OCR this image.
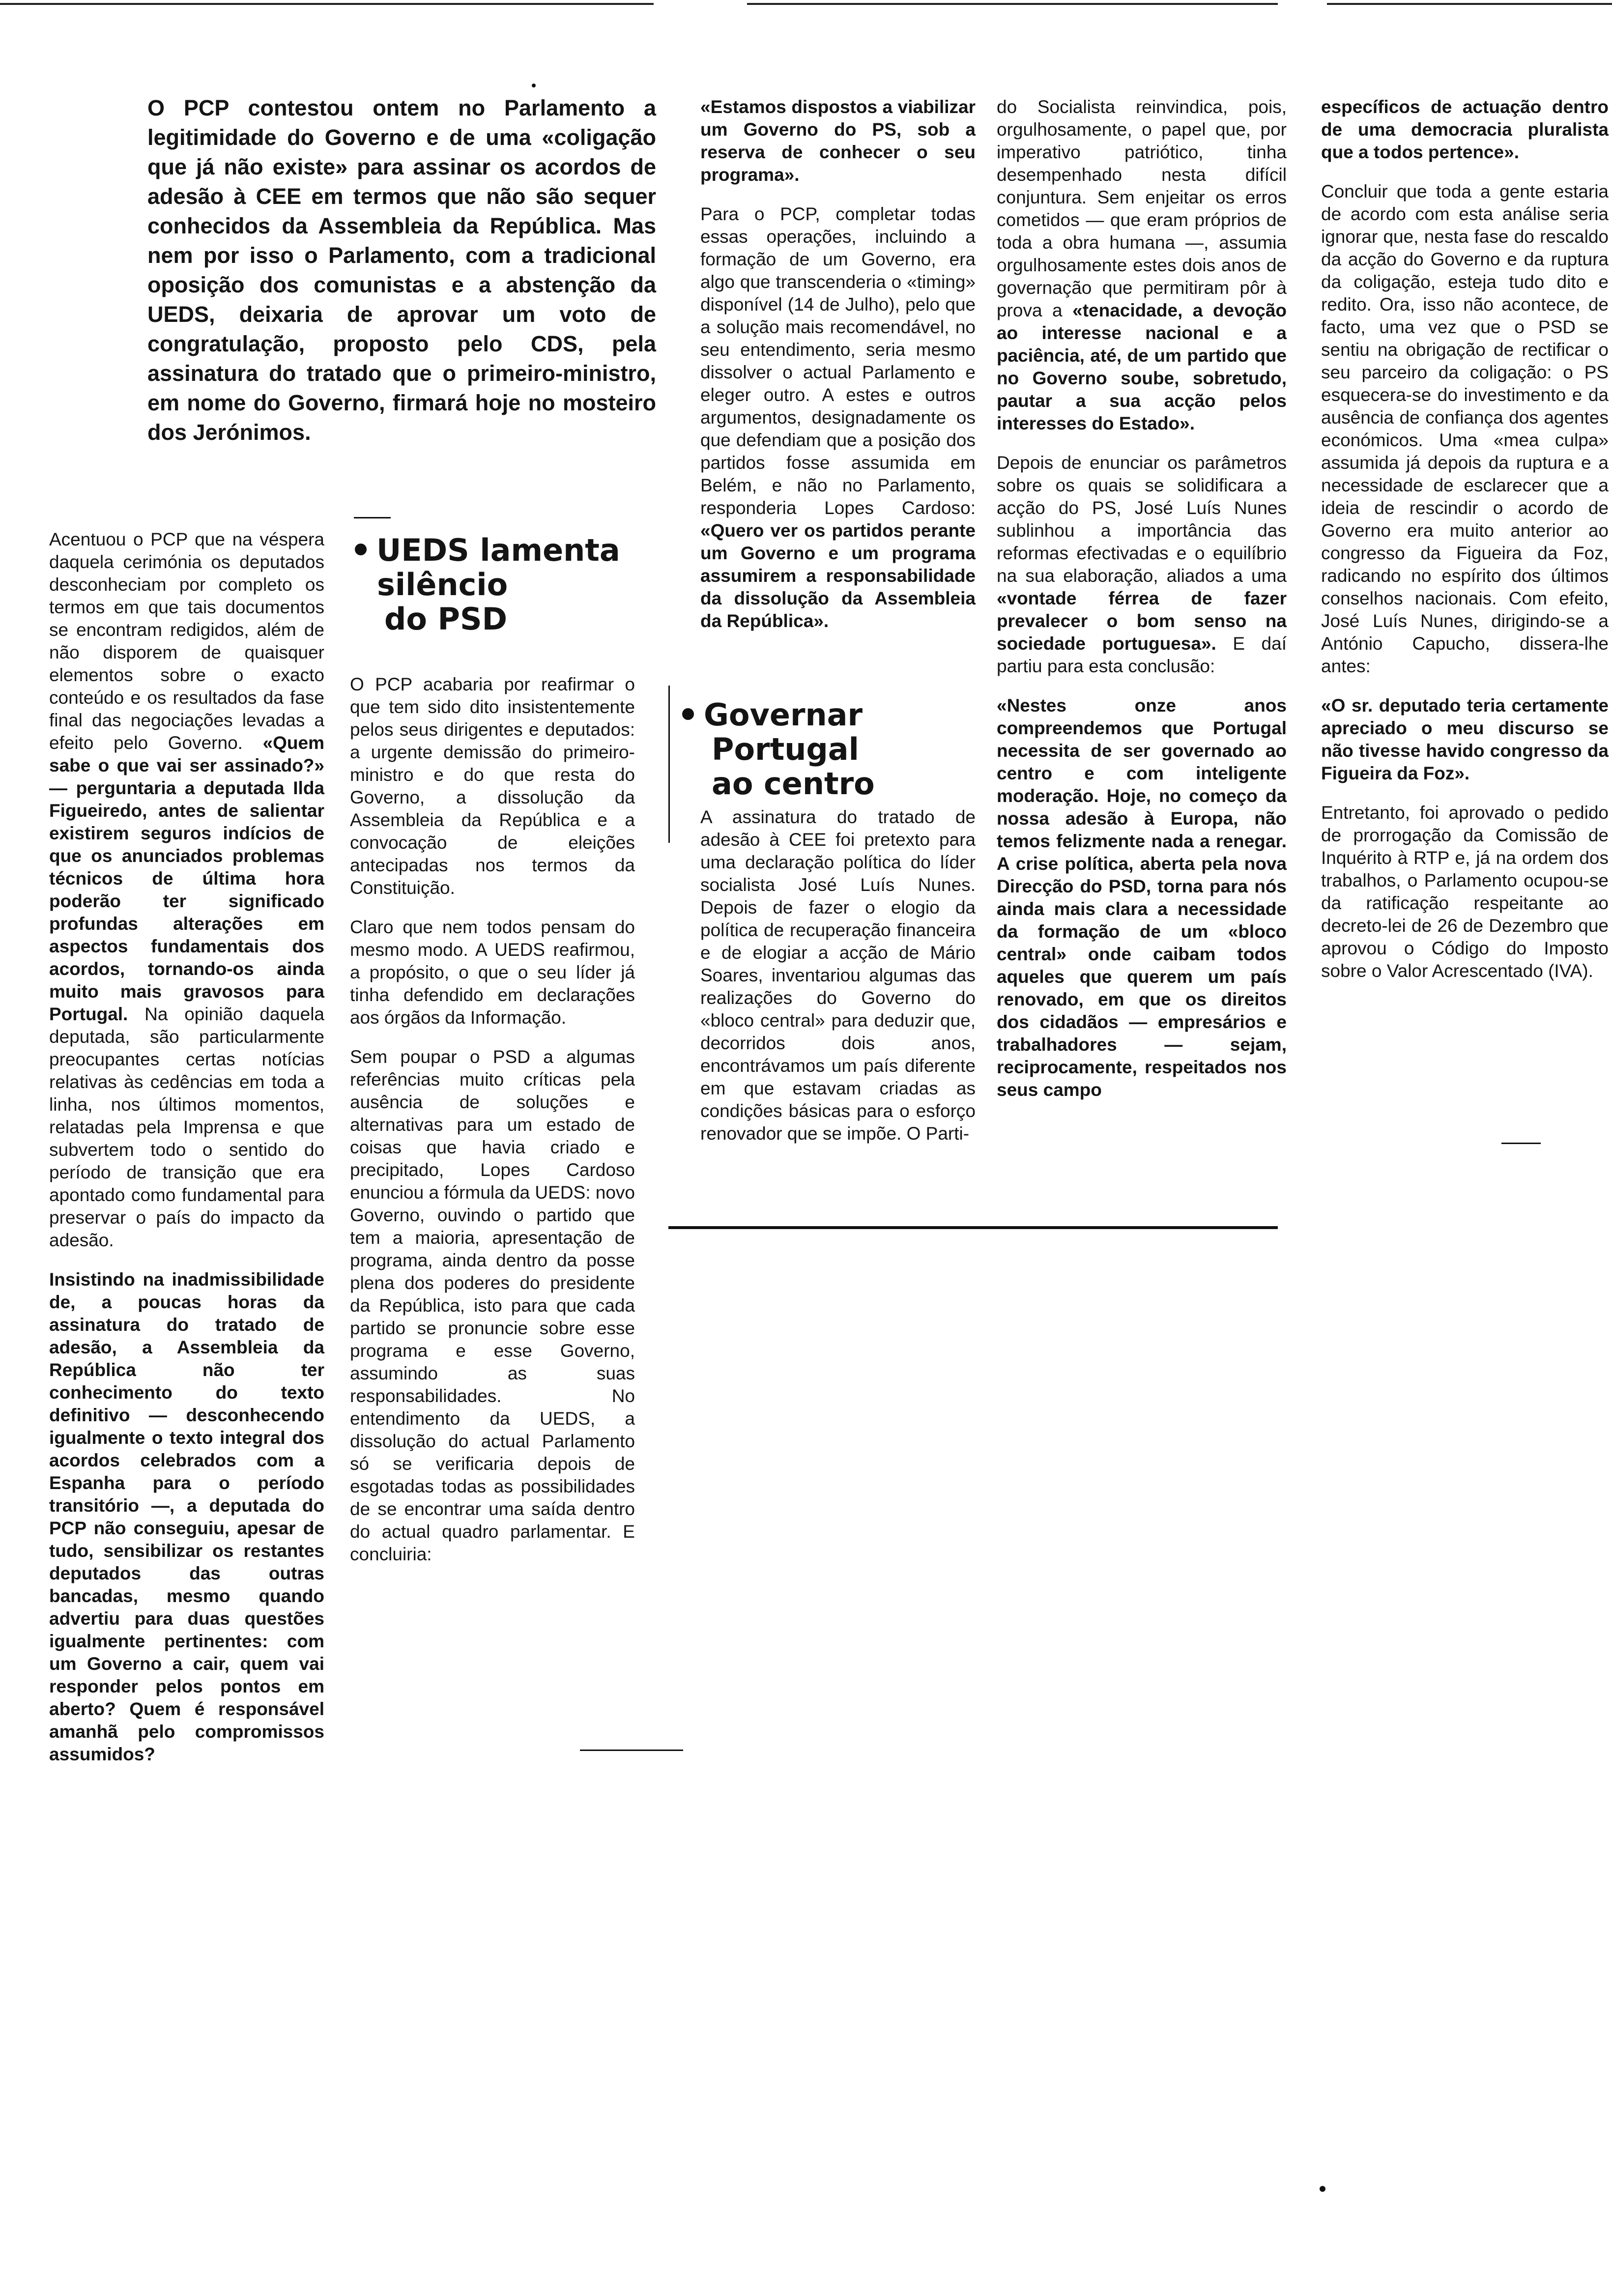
O PCP contestou ontem no Parlamento a legitimidade do Governo e de uma «coligação que já não existe» para assinar os acordos de adesão à CEE em termos que não são sequer conhecidos da Assembleia da República. Mas nem por isso o Parlamento, com a tradicional oposição dos comunistas e a abstenção da UEDS, deixaria de aprovar um voto de congratulação, proposto pelo CDS, pela assinatura do tratado que o primeiro-ministro, em nome do Governo, firmará hoje no mosteiro dos Jerónimos.

Acentuou o PCP que na véspera daquela cerimónia os deputados desconheciam por completo os termos em que tais documentos se encontram redigidos, além de não disporem de quaisquer elementos sobre o exacto conteúdo e os resultados da fase final das negociações levadas a efeito pelo Governo. «Quem sabe o que vai ser assinado?» — perguntaria a deputada Ilda Figueiredo, antes de salientar existirem seguros indícios de que os anunciados problemas técnicos de última hora poderão ter significado profundas alterações em aspectos fundamentais dos acordos, tornando-os ainda muito mais gravosos para Portugal. Na opinião daquela deputada, são particularmente preocupantes certas notícias relativas às cedências em toda a linha, nos últimos momentos, relatadas pela Imprensa e que subvertem todo o sentido do período de transição que era apontado como fundamental para preservar o país do impacto da adesão.

Insistindo na inadmissibilidade de, a poucas horas da assinatura do tratado de adesão, a Assembleia da República não ter conhecimento do texto definitivo — desconhecendo igualmente o texto integral dos acordos celebrados com a Espanha para o período transitório —, a deputada do PCP não conseguiu, apesar de tudo, sensibilizar os restantes deputados das outras bancadas, mesmo quando advertiu para duas questões igualmente pertinentes: com um Governo a cair, quem vai responder pelos pontos em aberto? Quem é responsável amanhã pelo compromissos assumidos?

UEDS lamenta
silêncio
do PSD

O PCP acabaria por reafirmar o que tem sido dito insistentemente pelos seus dirigentes e deputados: a urgente demissão do primeiro-ministro e do que resta do Governo, a dissolução da Assembleia da República e a convocação de eleições antecipadas nos termos da Constituição.

Claro que nem todos pensam do mesmo modo. A UEDS reafirmou, a propósito, o que o seu líder já tinha defendido em declarações aos órgãos da Informação.

Sem poupar o PSD a algumas referências muito críticas pela ausência de soluções e alternativas para um estado de coisas que havia criado e precipitado, Lopes Cardoso enunciou a fórmula da UEDS: novo Governo, ouvindo o partido que tem a maioria, apresentação de programa, ainda dentro da posse plena dos poderes do presidente da República, isto para que cada partido se pronuncie sobre esse programa e esse Governo, assumindo as suas responsabilidades. No entendimento da UEDS, a dissolução do actual Parlamento só se verificaria depois de esgotadas todas as possibilidades de se encontrar uma saída dentro do actual quadro parlamentar. E concluiria:

«Estamos dispostos a viabilizar um Governo do PS, sob a reserva de conhecer o seu programa».

Para o PCP, completar todas essas operações, incluindo a formação de um Governo, era algo que transcenderia o «timing» disponível (14 de Julho), pelo que a solução mais recomendável, no seu entendimento, seria mesmo dissolver o actual Parlamento e eleger outro. A estes e outros argumentos, designadamente os que defendiam que a posição dos partidos fosse assumida em Belém, e não no Parlamento, responderia Lopes Cardoso: «Quero ver os partidos perante um Governo e um programa assumirem a responsabilidade da dissolução da Assembleia da República».

Governar
Portugal
ao centro

A assinatura do tratado de adesão à CEE foi pretexto para uma declaração política do líder socialista José Luís Nunes. Depois de fazer o elogio da política de recuperação financeira e de elogiar a acção de Mário Soares, inventariou algumas das realizações do Governo do «bloco central» para deduzir que, decorridos dois anos, encontrávamos um país diferente em que estavam criadas as condições básicas para o esforço renovador que se impõe. O Parti-

do Socialista reinvindica, pois, orgulhosamente, o papel que, por imperativo patriótico, tinha desempenhado nesta difícil conjuntura. Sem enjeitar os erros cometidos — que eram próprios de toda a obra humana —, assumia orgulhosamente estes dois anos de governação que permitiram pôr à prova a «tenacidade, a devoção ao interesse nacional e a paciência, até, de um partido que no Governo soube, sobretudo, pautar a sua acção pelos interesses do Estado».

Depois de enunciar os parâmetros sobre os quais se solidificara a acção do PS, José Luís Nunes sublinhou a importância das reformas efectivadas e o equilíbrio na sua elaboração, aliados a uma «vontade férrea de fazer prevalecer o bom senso na sociedade portuguesa». E daí partiu para esta conclusão:

«Nestes onze anos compreendemos que Portugal necessita de ser governado ao centro e com inteligente moderação. Hoje, no começo da nossa adesão à Europa, não temos felizmente nada a renegar. A crise política, aberta pela nova Direcção do PSD, torna para nós ainda mais clara a necessidade da formação de um «bloco central» onde caibam todos aqueles que querem um país renovado, em que os direitos dos cidadãos — empresários e trabalhadores — sejam, reciprocamente, respeitados nos seus campo

específicos de actuação dentro de uma democracia pluralista que a todos pertence».

Concluir que toda a gente estaria de acordo com esta análise seria ignorar que, nesta fase do rescaldo da acção do Governo e da ruptura da coligação, esteja tudo dito e redito. Ora, isso não acontece, de facto, uma vez que o PSD se sentiu na obrigação de rectificar o seu parceiro da coligação: o PS esquecera-se do investimento e da ausência de confiança dos agentes económicos. Uma «mea culpa» assumida já depois da ruptura e a necessidade de esclarecer que a ideia de rescindir o acordo de Governo era muito anterior ao congresso da Figueira da Foz, radicando no espírito dos últimos conselhos nacionais. Com efeito, José Luís Nunes, dirigindo-se a António Capucho, dissera-lhe antes:

«O sr. deputado teria certamente apreciado o meu discurso se não tivesse havido congresso da Figueira da Foz».

Entretanto, foi aprovado o pedido de prorrogação da Comissão de Inquérito à RTP e, já na ordem dos trabalhos, o Parlamento ocupou-se da ratificação respeitante ao decreto-lei de 26 de Dezembro que aprovou o Código do Imposto sobre o Valor Acrescentado (IVA).
